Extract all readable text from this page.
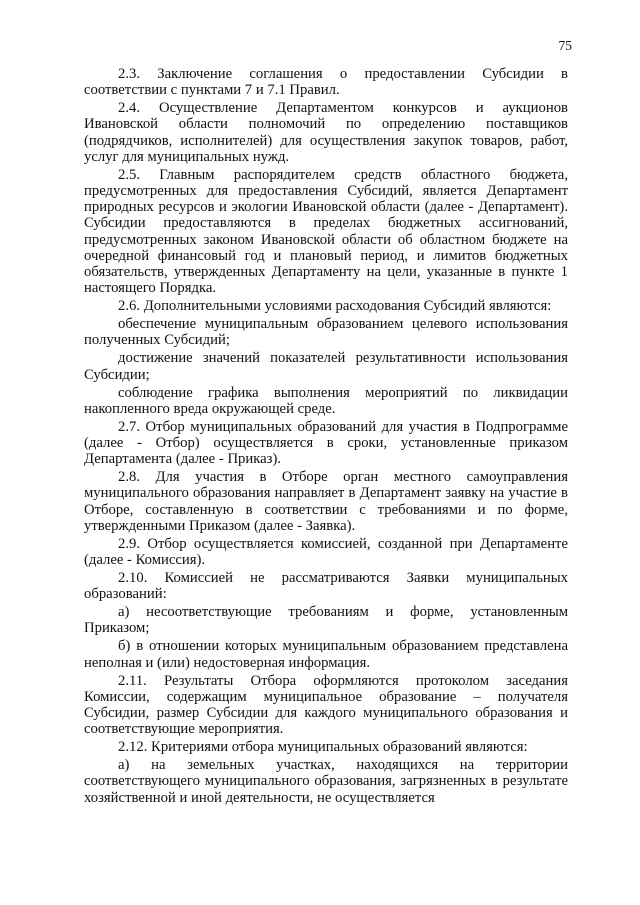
75

2.3. Заключение соглашения о предоставлении Субсидии в соответствии с пунктами 7 и 7.1 Правил.

2.4. Осуществление Департаментом конкурсов и аукционов Ивановской области полномочий по определению поставщиков (подрядчиков, исполнителей) для осуществления закупок товаров, работ, услуг для муниципальных нужд.

2.5. Главным распорядителем средств областного бюджета, предусмотренных для предоставления Субсидий, является Департамент природных ресурсов и экологии Ивановской области (далее - Департамент). Субсидии предоставляются в пределах бюджетных ассигнований, предусмотренных законом Ивановской области об областном бюджете на очередной финансовый год и плановый период, и лимитов бюджетных обязательств, утвержденных Департаменту на цели, указанные в пункте 1 настоящего Порядка.

2.6. Дополнительными условиями расходования Субсидий являются:

обеспечение муниципальным образованием целевого использования полученных Субсидий;

достижение значений показателей результативности использования Субсидии;

соблюдение графика выполнения мероприятий по ликвидации накопленного вреда окружающей среде.

2.7. Отбор муниципальных образований для участия в Подпрограмме (далее - Отбор) осуществляется в сроки, установленные приказом Департамента (далее - Приказ).

2.8. Для участия в Отборе орган местного самоуправления муниципального образования направляет в Департамент заявку на участие в Отборе, составленную в соответствии с требованиями и по форме, утвержденными Приказом (далее - Заявка).

2.9. Отбор осуществляется комиссией, созданной при Департаменте (далее - Комиссия).

2.10. Комиссией не рассматриваются Заявки муниципальных образований:

а) несоответствующие требованиям и форме, установленным Приказом;

б) в отношении которых муниципальным образованием представлена неполная и (или) недостоверная информация.

2.11. Результаты Отбора оформляются протоколом заседания Комиссии, содержащим муниципальное образование – получателя Субсидии, размер Субсидии для каждого муниципального образования и соответствующие мероприятия.

2.12. Критериями отбора муниципальных образований являются:

а) на земельных участках, находящихся на территории соответствующего муниципального образования, загрязненных в результате хозяйственной и иной деятельности, не осуществляется
